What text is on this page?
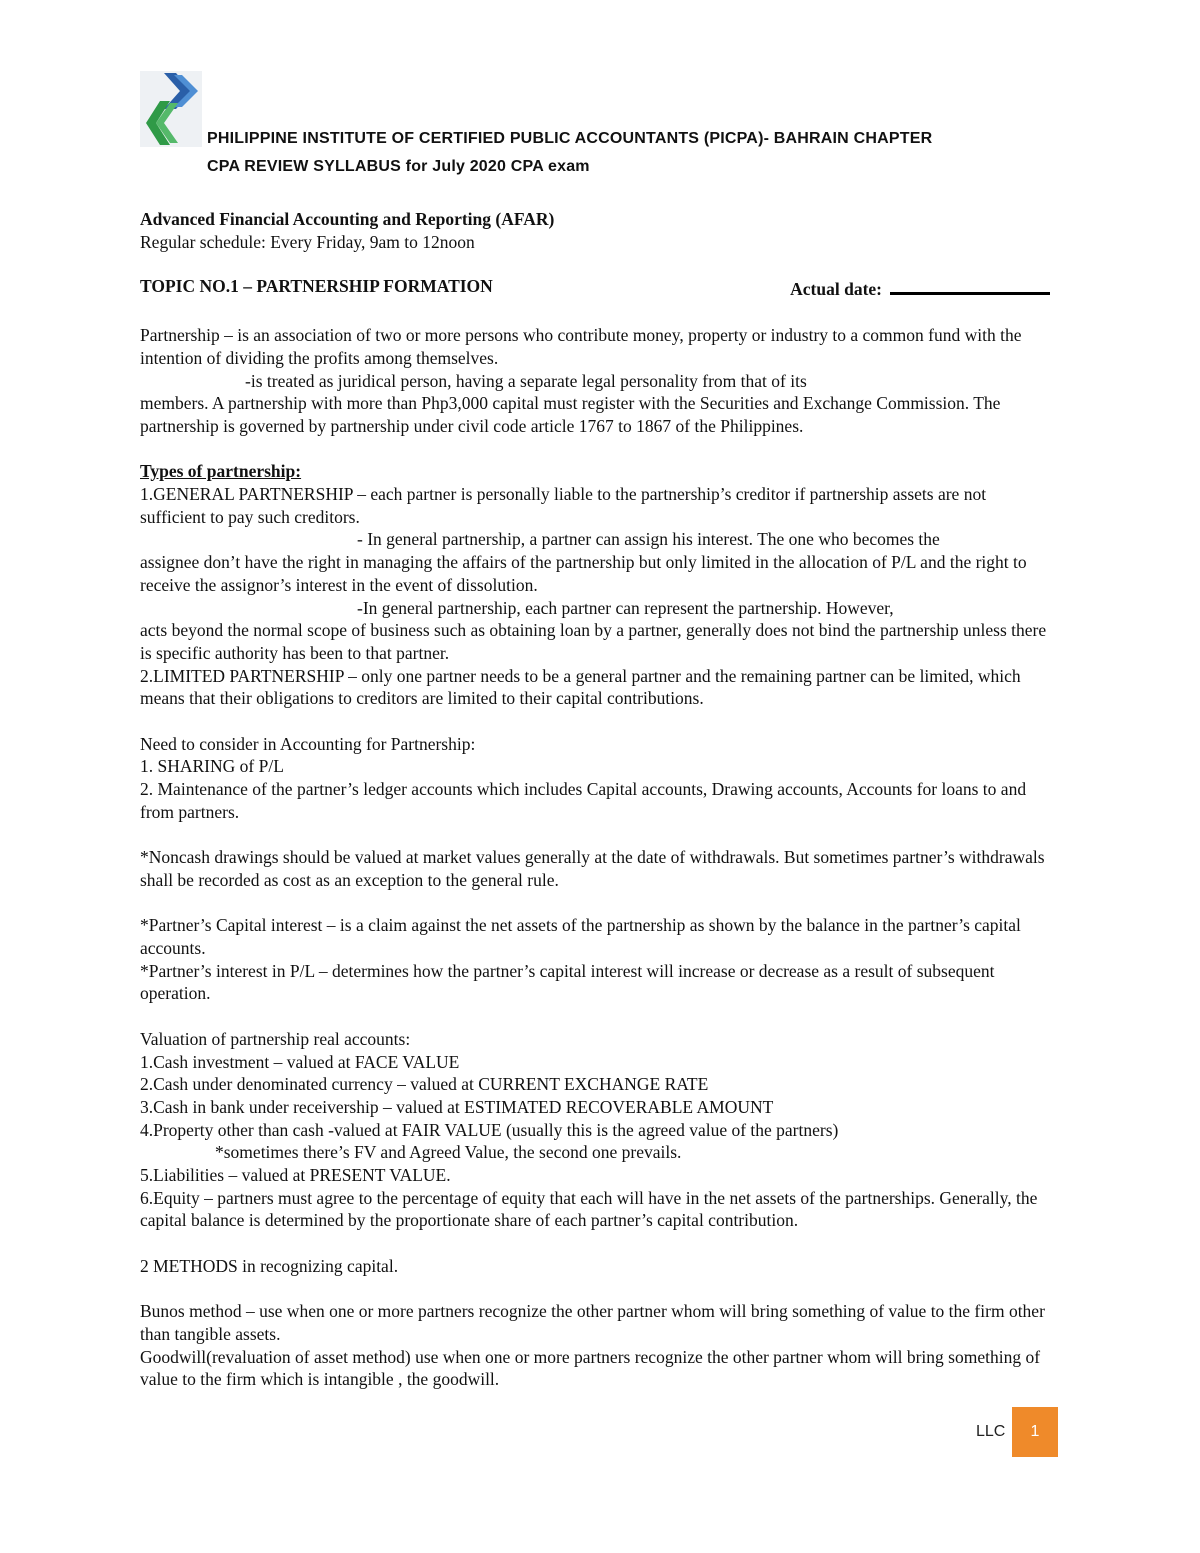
PHILIPPINE INSTITUTE OF CERTIFIED PUBLIC ACCOUNTANTS (PICPA)- BAHRAIN CHAPTER
CPA REVIEW SYLLABUS for July 2020 CPA exam

Advanced Financial Accounting and Reporting (AFAR)

Regular schedule: Every Friday, 9am to 12noon

TOPIC NO.1 – PARTNERSHIP FORMATION	Actual date:

Partnership – is an association of two or more persons who contribute money, property or industry to a common fund with the intention of dividing the profits among themselves.

-is treated as juridical person, having a separate legal personality from that of its

members. A partnership with more than Php3,000 capital must register with the Securities and Exchange Commission. The partnership is governed by partnership under civil code article 1767 to 1867 of the Philippines.

Types of partnership:

1.GENERAL PARTNERSHIP – each partner is personally liable to the partnership’s creditor if partnership assets are not sufficient to pay such creditors.

- In general partnership, a partner can assign his interest. The one who becomes the

assignee don’t have the right in managing the affairs of the partnership but only limited in the allocation of P/L and the right to receive the assignor’s interest in the event of dissolution.

-In general partnership, each partner can represent the partnership. However,

acts beyond the normal scope of business such as obtaining loan by a partner, generally does not bind the partnership unless there is specific authority has been to that partner.

2.LIMITED PARTNERSHIP – only one partner needs to be a general partner and the remaining partner can be limited, which means that their obligations to creditors are limited to their capital contributions.

Need to consider in Accounting for Partnership:

1. SHARING of P/L

2. Maintenance of the partner’s ledger accounts which includes Capital accounts, Drawing accounts, Accounts for loans to and from partners.

*Noncash drawings should be valued at market values generally at the date of withdrawals. But sometimes partner’s withdrawals shall be recorded as cost as an exception to the general rule.

*Partner’s Capital interest – is a claim against the net assets of the partnership as shown by the balance in the partner’s capital accounts.

*Partner’s interest in P/L – determines how the partner’s capital interest will increase or decrease as a result of subsequent operation.

Valuation of partnership real accounts:

1.Cash investment – valued at FACE VALUE

2.Cash under denominated currency – valued at CURRENT EXCHANGE RATE

3.Cash in bank under receivership – valued at ESTIMATED RECOVERABLE AMOUNT

4.Property other than cash -valued at FAIR VALUE (usually this is the agreed value of the partners)

*sometimes there’s FV and Agreed Value, the second one prevails.

5.Liabilities – valued at PRESENT VALUE.

6.Equity – partners must agree to the percentage of equity that each will have in the net assets of the partnerships. Generally, the capital balance is determined by the proportionate share of each partner’s capital contribution.

2 METHODS in recognizing capital.

Bunos method – use when one or more partners recognize the other partner whom will bring something of value to the firm other than tangible assets.

Goodwill(revaluation of asset method) use when one or more partners recognize the other partner whom will bring something of value to the firm which is intangible , the goodwill.

LLC	1
